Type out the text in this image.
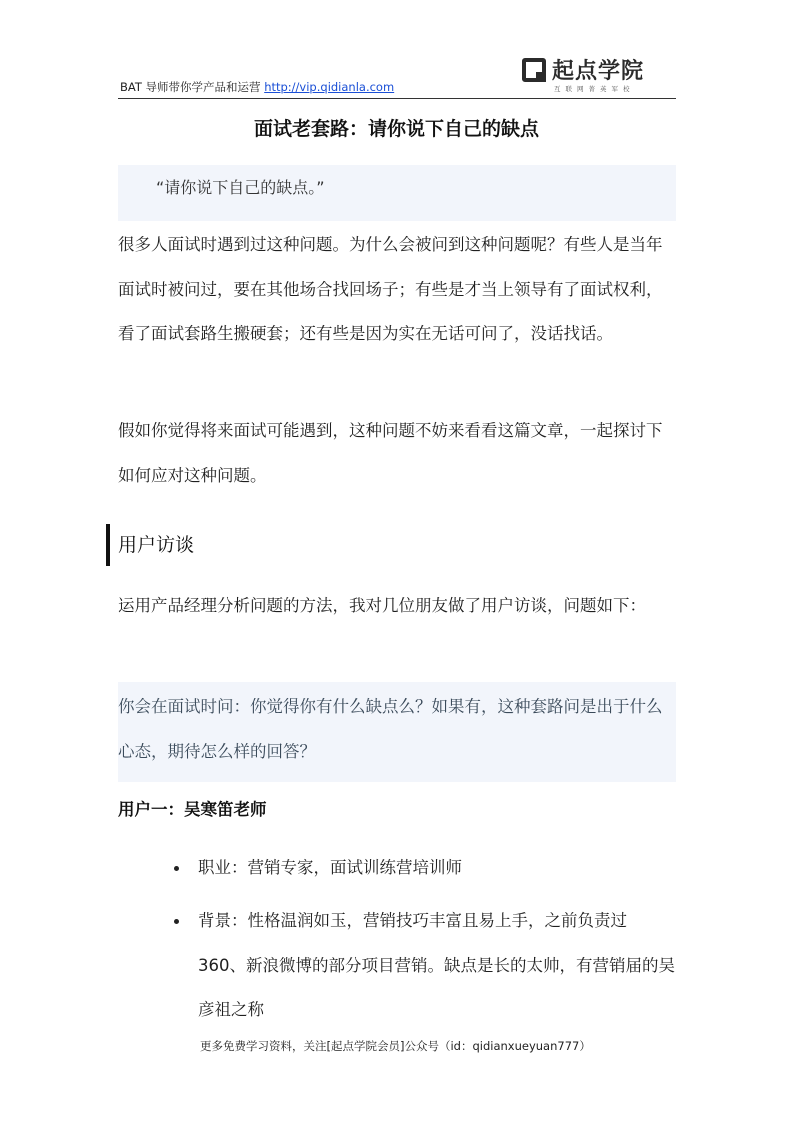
BAT 导师带你学产品和运营 http://vip.qidianla.com
起点学院
互联网菁英军校
面试老套路：请你说下自己的缺点
“请你说下自己的缺点。”

很多人面试时遇到过这种问题。为什么会被问到这种问题呢？有些人是当年面试时被问过，要在其他场合找回场子；有些是才当上领导有了面试权利，看了面试套路生搬硬套；还有些是因为实在无话可问了，没话找话。

假如你觉得将来面试可能遇到，这种问题不妨来看看这篇文章，一起探讨下如何应对这种问题。

用户访谈

运用产品经理分析问题的方法，我对几位朋友做了用户访谈，问题如下：

你会在面试时问：你觉得你有什么缺点么？如果有，这种套路问是出于什么心态，期待怎么样的回答？

用户一：吴寒笛老师

职业：营销专家，面试训练营培训师

背景：性格温润如玉，营销技巧丰富且易上手，之前负责过 360、新浪微博的部分项目营销。缺点是长的太帅，有营销届的吴彦祖之称

更多免费学习资料，关注[起点学院会员]公众号（id：qidianxueyuan777）
